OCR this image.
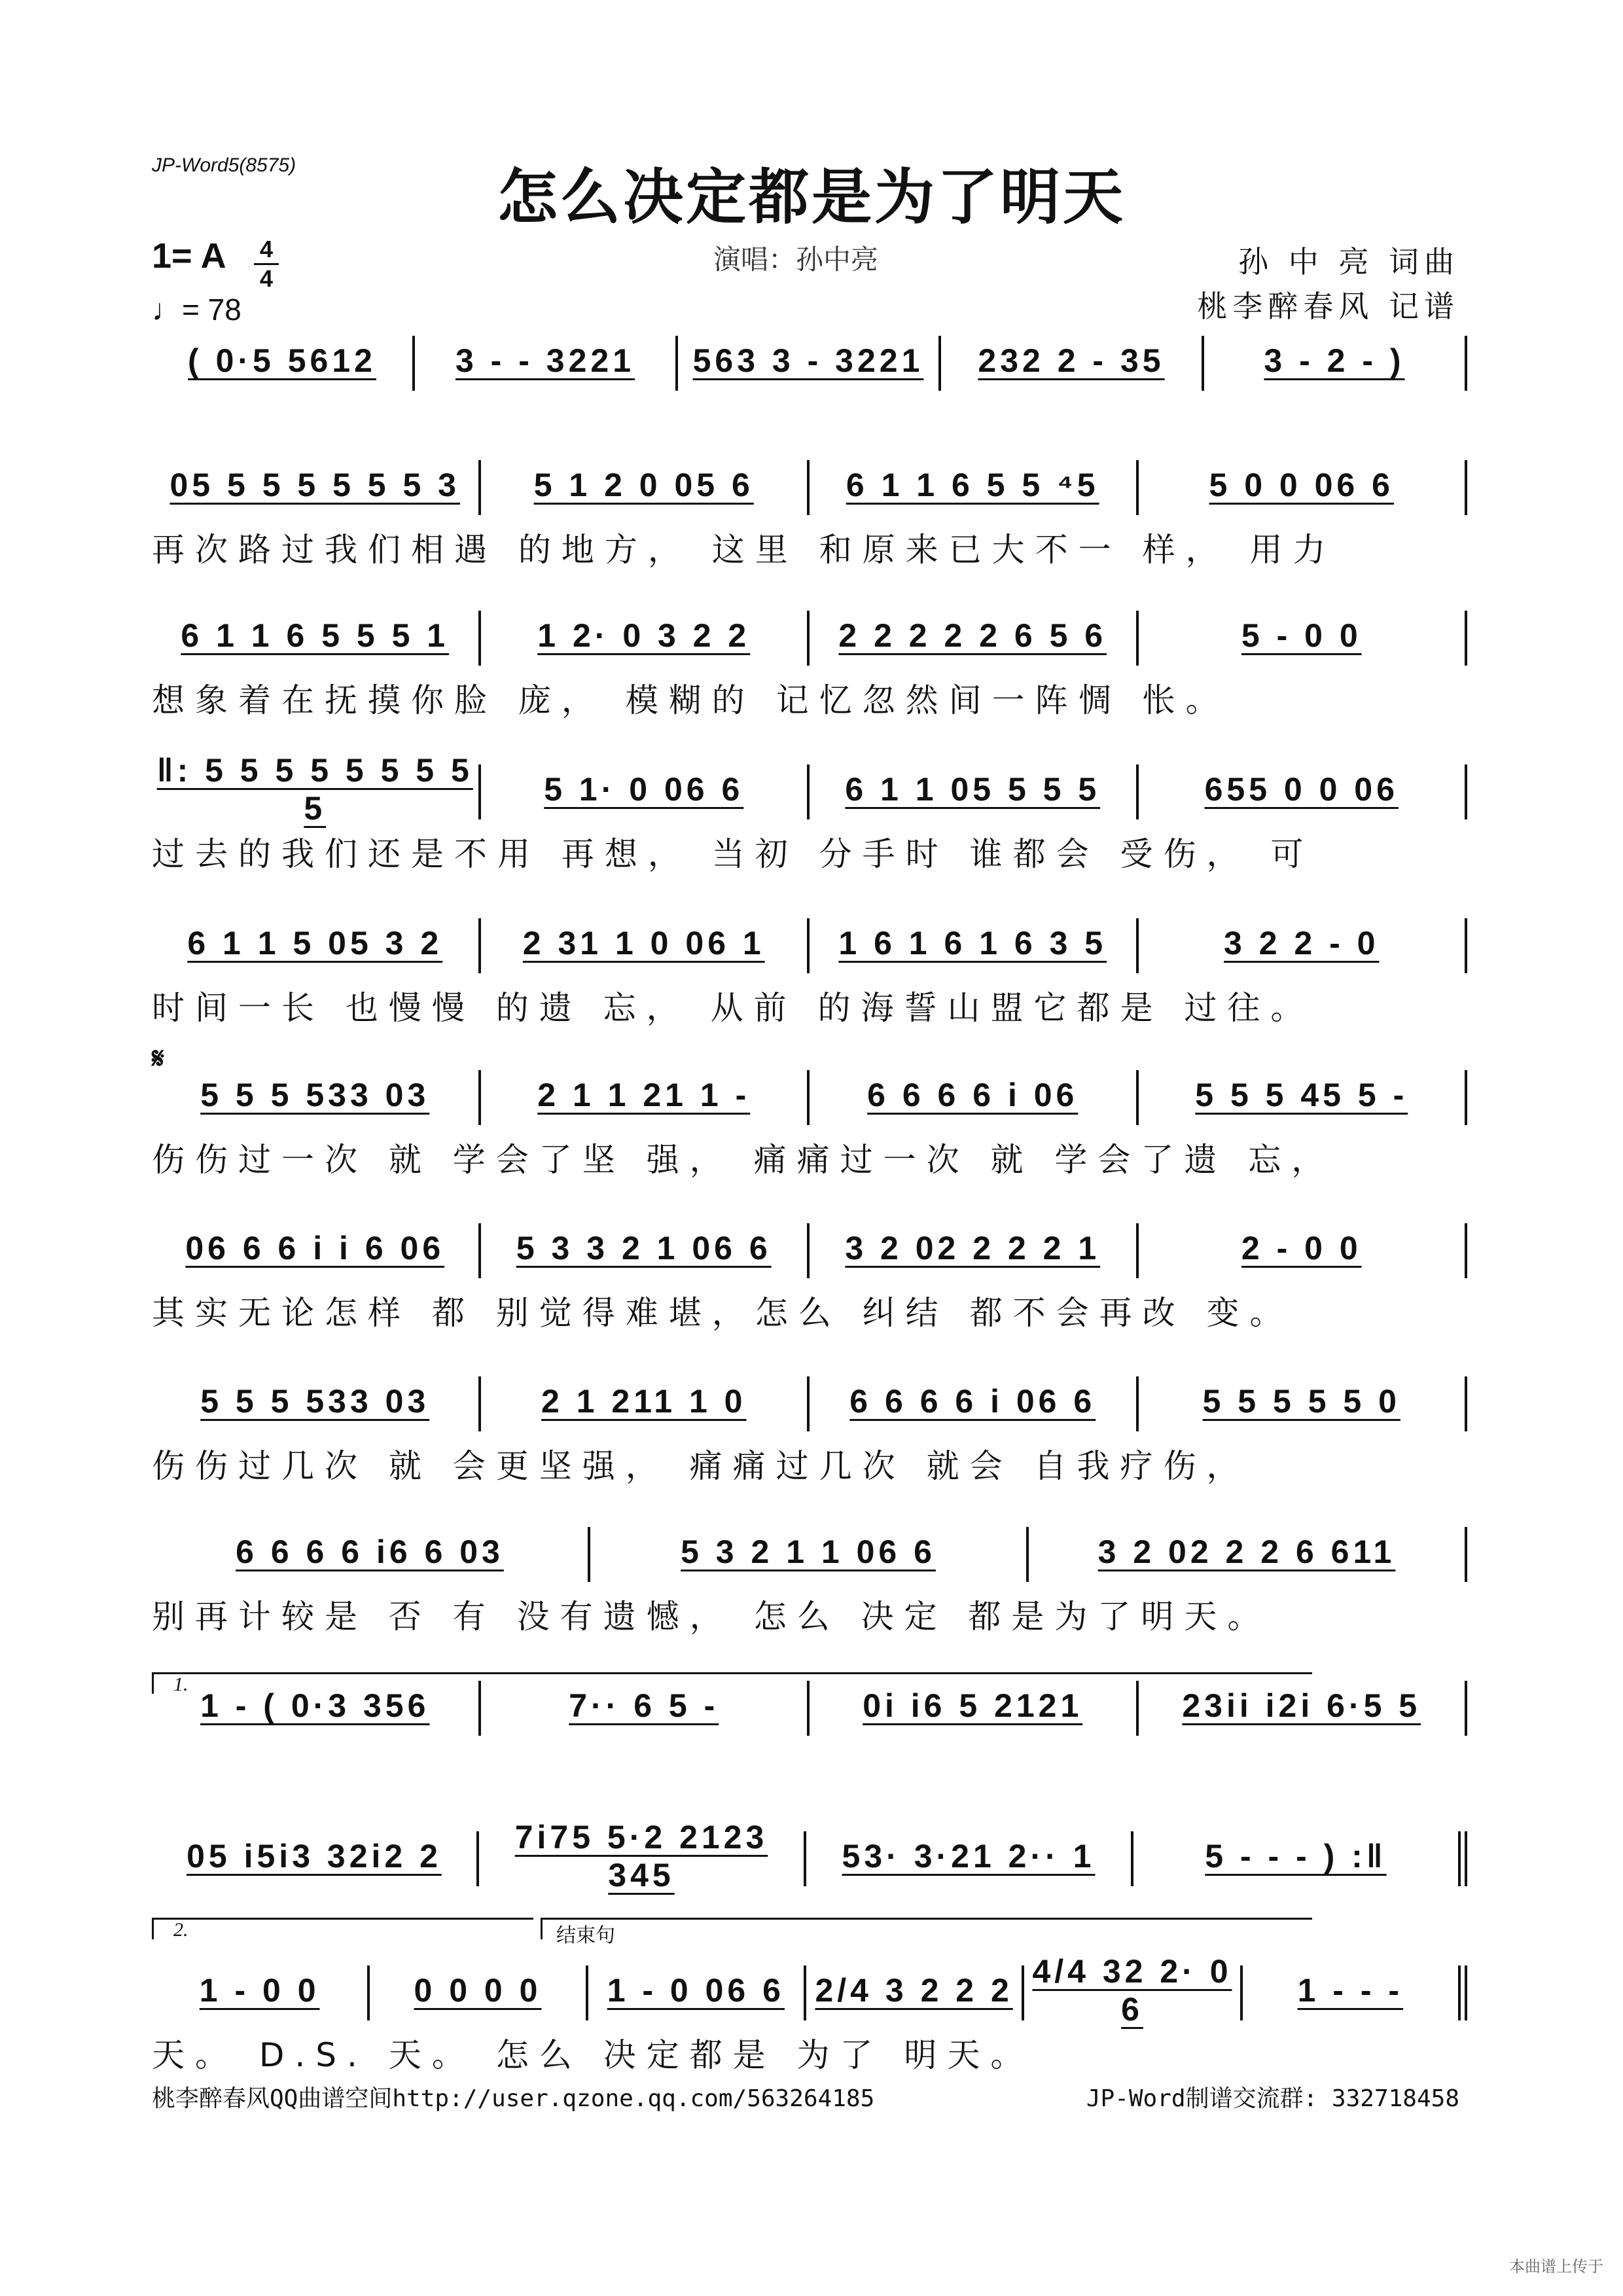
JP-Word5(8575)	怎么决定都是为了明天
1= A	4
4
♩= 78
演唱：孙中亮	孙 中 亮 词曲
桃李醉春风 记谱
𝄋
1.
2.	结束句
( 0·5 5612	3 - - 3221	563 3 - 3221	232 2 - 35	3 - 2 - )
05 5 5 5 5 5 5 3	5 1 2 0 05 6	6 1 1 6 5 5 ⁴5	5 0 0 06 6
再次路过我们相遇 的地方， 这里 和原来已大不一 样， 用力
6 1 1 6 5 5 5 1	1 2· 0 3 2 2	2 2 2 2 2 6 5 6	5 - 0 0
想象着在抚摸你脸 庞， 模糊的 记忆忽然间一阵惆 怅。
‖: 5 5 5 5 5 5 5 5 5
5 1· 0 06 6	6 1 1 05 5 5 5	655 0 0 06
过去的我们还是不用 再想， 当初 分手时 谁都会 受伤， 可
6 1 1 5 05 3 2	2 31 1 0 06 1	1 6 1 6 1 6 3 5	3 2 2 - 0
时间一长 也慢慢 的遗 忘， 从前 的海誓山盟它都是 过往。
5 5 5 533 03	2 1 1 21 1 -	6 6 6 6 i 06	5 5 5 45 5 -
伤伤过一次 就 学会了坚 强， 痛痛过一次 就 学会了遗 忘，
06 6 6 i i 6 06	5 3 3 2 1 06 6	3 2 02 2 2 2 1	2 - 0 0
其实无论怎样 都 别觉得难堪，怎么 纠结 都不会再改 变。
5 5 5 533 03	2 1 211 1 0	6 6 6 6 i 06 6	5 5 5 5 5 0
伤伤过几次 就 会更坚强， 痛痛过几次 就会 自我疗伤，
6 6 6 6 i6 6 03	5 3 2 1 1 06 6	3 2 02 2 2 6 611
别再计较是 否 有 没有遗憾， 怎么 决定 都是为了明天。
1 - ( 0·3 356	7·· 6 5 -	0i i6 5 2121	23ii i2i 6·5 5
05 i5i3 32i2 2
7i75 5·2 2123 345
53· 3·21 2·· 1	5 - - - ) :‖
1 - 0 0	0 0 0 0	1 - 0 06 6 2/4 3 2 2 2
4/4 32 2· 0 6
1 - - -
天。 D.S. 天。 怎么 决定都是 为了 明天。
桃李醉春风QQ曲谱空间http://user.qzone.qq.com/563264185	JP-Word制谱交流群: 332718458
本曲谱上传于
